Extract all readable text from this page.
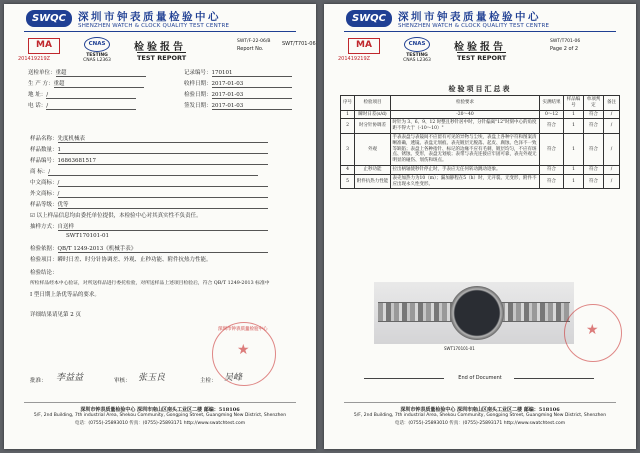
SWQC	深圳市钟表质量检验中心
SHENZHEN WATCH & CLOCK QUALITY TEST CENTRE
MA
201419219Z
CNAS
TESTING
CNAS L2363
检验报告
TEST REPORT
SWT/F-22-06/B
Report No.
SWT/T701-06
送检单位：重超
生 产 方：重超
地 址：/
电 话：/
记录编号：170101
收样日期：2017-01-03
检验日期：2017-01-03
签发日期：2017-01-03
样品名称：先度机械表
样品数量：1
样品编号：16863681517
商 标：/
中文商标：/
外文商标：/
样品等级：优等
☑ 以上样品信息均由委托单位提供，本检验中心对其真实性不负责任。
抽样方式：自送样
SWT170101-01
检验依据：QB/T 1249-2013《机械手表》
检验项目：瞬时日差、时分针协调差、外观、止秒功能、附件抗热力性能。
检验结论：
所检样品经本中心验证，对所送样品进行委托检验，对所送样品上述项目检验后，符合 QB/T 1249-2013 标准中
Ⅰ 型日期上条优等品的要求。
详细结果请见第 2 页
★
深圳市钟表质量检验中心
批准： 李益益	审核： 张玉良	主检： 吴峰
深圳市钟表质量检验中心 深圳市南山区南头工业区二楼 邮编：518106
5/F, 2nd Building, 7th industrial Area, Shekou Community, Gongping Street, Guangming New District, Shenzhen
电话：(0755)-25893010 传真：(0755)-25893171 http://www.swatchtest.com
SWQC	深圳市钟表质量检验中心
SHENZHEN WATCH & CLOCK QUALITY TEST CENTRE
MA
201419219Z
CNAS
TESTING
CNAS L2363
检验报告
TEST REPORT
SWT/T701-06
Page 2 of 2
检验项目汇总表
序号	检验项目	检验要求	实测结果	样品编号	单项判定	备注
1	瞬时日差(s/d)	-20～40	0～12	1	符合	/
2	时分针协调差	时针为 3、6、9、12 时整且秒针居中时，分针偏离"12"时刻中心的角度距不得大于（-10～10）"	符合	1	符合	/
3	外观	手表表盘与表镜间不应留有可见的异物与尘埃，表盘上各种字符和图案清晰准确，透镜、表盘无划痕、表壳镀层无脱落、起皮、腐蚀、色泽不一致等缺陷；表盘上各种指针、标记的边缘不应有毛刺，镀层均匀，不应有斑点、锈蚀、变形，表盘无划痕；表带与表壳连接应牢固可靠，表壳外观无明显的碰伤、划伤和斑点。	符合	1	符合	/
4	止秒功能	拉出柄轴使秒针停止时，手表应无任何转动跳动迹象。	符合	1	符合	/
5	附件抗热力性能	表壳加热力为10（m）；漏加静程在5（h）时，无开裂、无变形，附件不应出现永久性变形。	符合	1	符合	/
SWT170101-01
★
End of Document
深圳市钟表质量检验中心 深圳市南山区南头工业区二楼 邮编：518106
5/F, 2nd Building, 7th industrial Area, Shekou Community, Gongping Street, Guangming New District, Shenzhen
电话：(0755)-25893010 传真：(0755)-25893171 http://www.swatchtest.com
